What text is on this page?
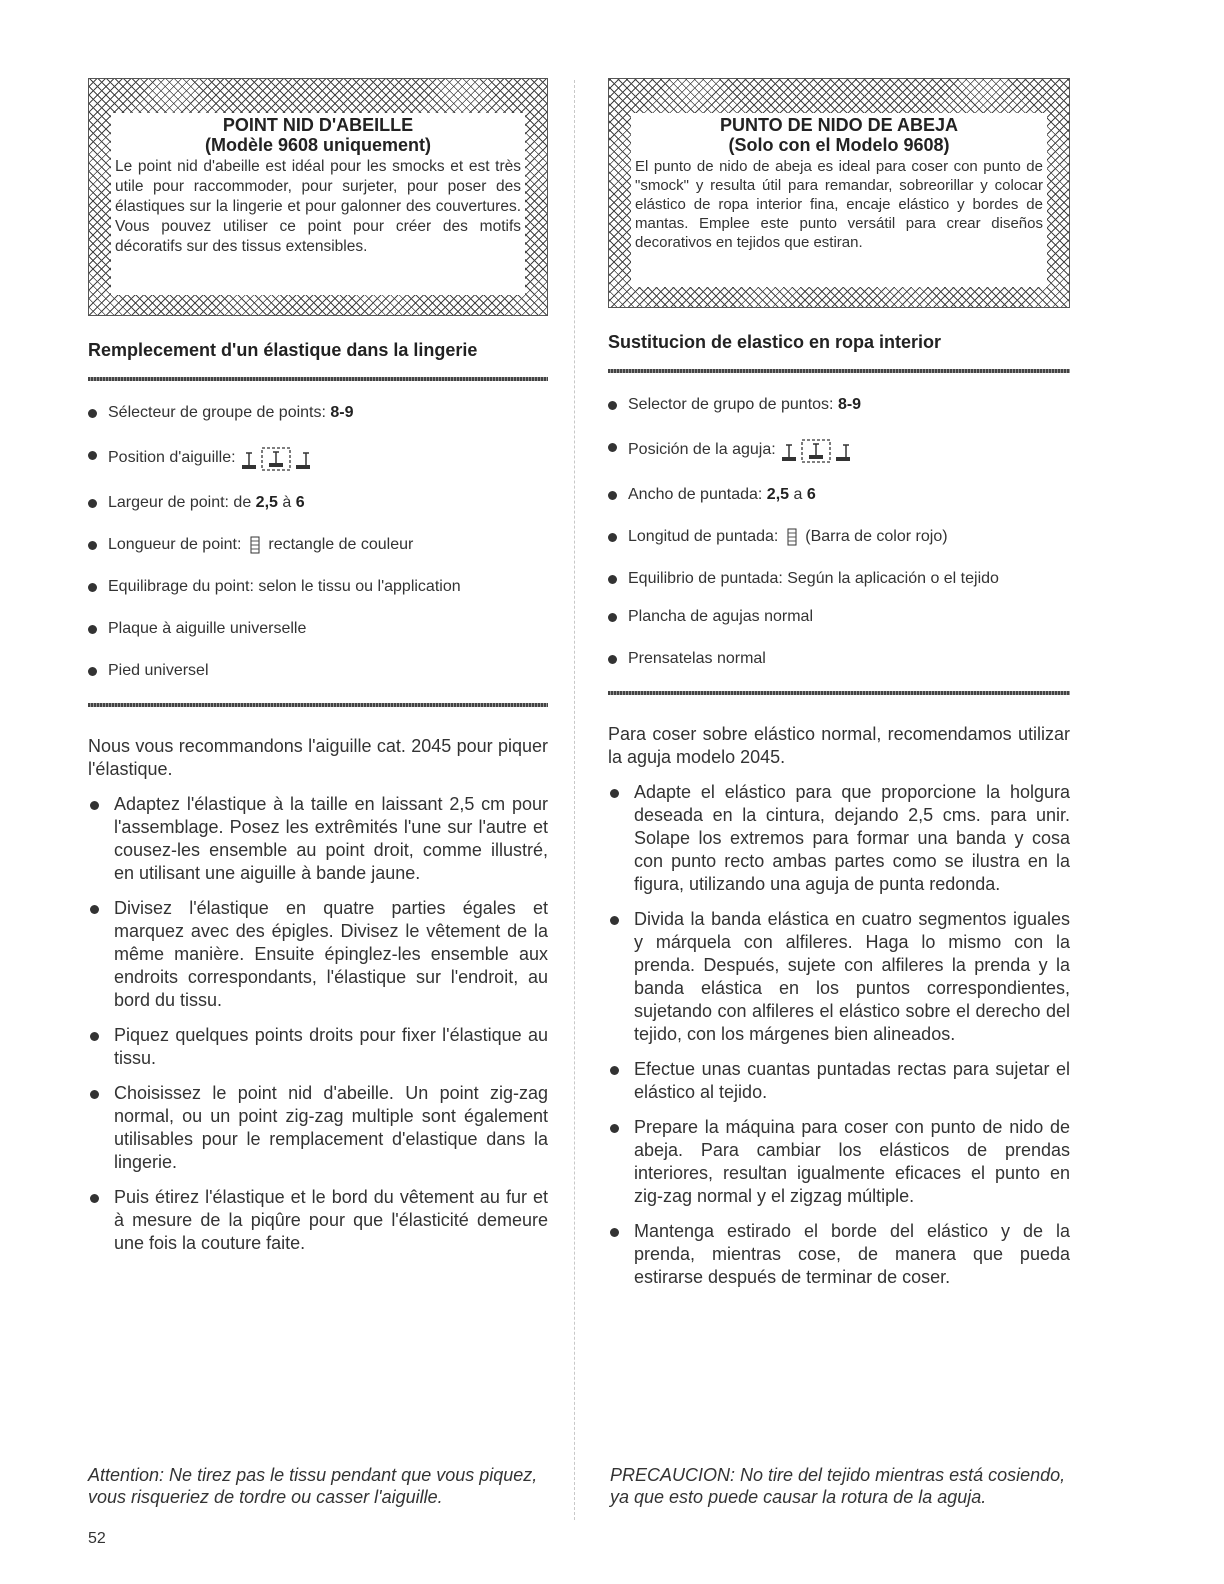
POINT NID D'ABEILLE

(Modèle 9608 uniquement)

Le point nid d'abeille est idéal pour les smocks et est très utile pour raccommoder, pour surjeter, pour poser des élastiques sur la lingerie et pour galonner des couvertures. Vous pouvez utiliser ce point pour créer des motifs décoratifs sur des tissus extensibles.

Remplecement d'un élastique dans la lingerie
Sélecteur de groupe de points: 8-9
Position d'aiguille:
Largeur de point: de 2,5 à 6
Longueur de point: rectangle de couleur
Equilibrage du point: selon le tissu ou l'application
Plaque à aiguille universelle
Pied universel

Nous vous recommandons l'aiguille cat. 2045 pour piquer l'élastique.

Adaptez l'élastique à la taille en laissant 2,5 cm pour l'assemblage. Posez les extrêmités l'une sur l'autre et cousez-les ensemble au point droit, comme illustré, en utilisant une aiguille à bande jaune.
Divisez l'élastique en quatre parties égales et marquez avec des épigles. Divisez le vêtement de la même manière. Ensuite épinglez-les ensemble aux endroits correspondants, l'élastique sur l'endroit, au bord du tissu.
Piquez quelques points droits pour fixer l'élastique au tissu.
Choisissez le point nid d'abeille. Un point zig-zag normal, ou un point zig-zag multiple sont également utilisables pour le remplacement d'elastique dans la lingerie.
Puis étirez l'élastique et le bord du vêtement au fur et à mesure de la piqûre pour que l'élasticité demeure une fois la couture faite.

PUNTO DE NIDO DE ABEJA

(Solo con el Modelo 9608)

El punto de nido de abeja es ideal para coser con punto de "smock" y resulta útil para remandar, sobreorillar y colocar elástico de ropa interior fina, encaje elástico y bordes de mantas. Emplee este punto versátil para crear diseños decorativos en tejidos que estiran.

Sustitucion de elastico en ropa interior
Selector de grupo de puntos: 8-9
Posición de la aguja:
Ancho de puntada: 2,5 a 6
Longitud de puntada: (Barra de color rojo)
Equilibrio de puntada: Según la aplicación o el tejido
Plancha de agujas normal
Prensatelas normal

Para coser sobre elástico normal, recomendamos utilizar la aguja modelo 2045.

Adapte el elástico para que proporcione la holgura deseada en la cintura, dejando 2,5 cms. para unir. Solape los extremos para formar una banda y cosa con punto recto ambas partes como se ilustra en la figura, utilizando una aguja de punta redonda.
Divida la banda elástica en cuatro segmentos iguales y márquela con alfileres. Haga lo mismo con la prenda. Después, sujete con alfileres la prenda y la banda elástica en los puntos correspondientes, sujetando con alfileres el elástico sobre el derecho del tejido, con los márgenes bien alineados.
Efectue unas cuantas puntadas rectas para sujetar el elástico al tejido.
Prepare la máquina para coser con punto de nido de abeja. Para cambiar los elásticos de prendas interiores, resultan igualmente eficaces el punto en zig-zag normal y el zigzag múltiple.
Mantenga estirado el borde del elástico y de la prenda, mientras cose, de manera que pueda estirarse después de terminar de coser.

Attention: Ne tirez pas le tissu pendant que vous piquez, vous risqueriez de tordre ou casser l'aiguille.

PRECAUCION: No tire del tejido mientras está cosiendo, ya que esto puede causar la rotura de la aguja.

52
